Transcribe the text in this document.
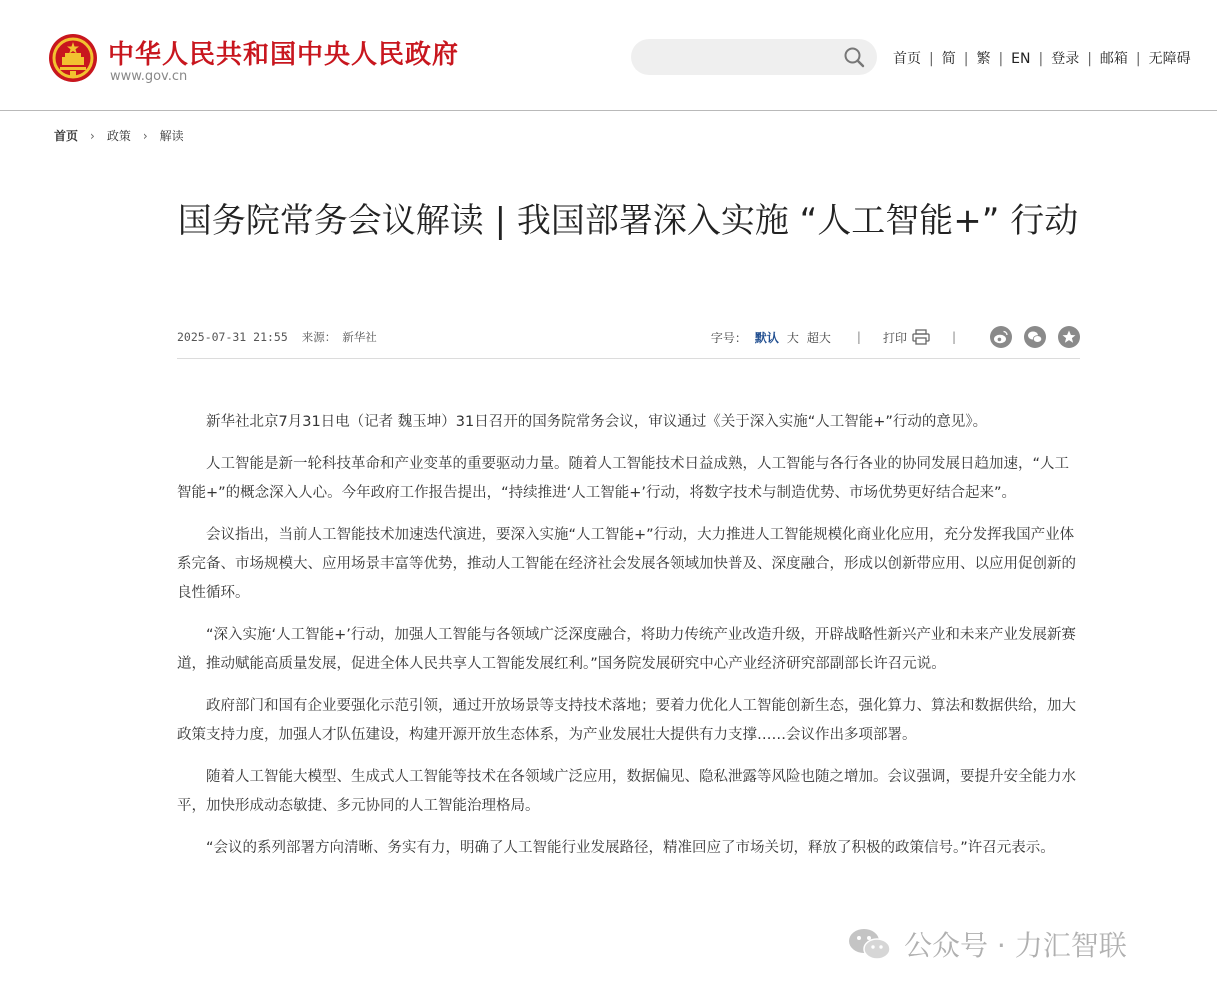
中华人民共和国中央人民政府
www.gov.cn
首页 | 简 | 繁 | EN | 登录 | 邮箱 | 无障碍
首页 › 政策 › 解读
国务院常务会议解读 | 我国部署深入实施 “人工智能+” 行动
2025-07-31 21:55 来源： 新华社	字号： 默认 大 超大 | 打印	|

新华社北京7月31日电（记者 魏玉坤）31日召开的国务院常务会议，审议通过《关于深入实施“人工智能+”行动的意见》。

人工智能是新一轮科技革命和产业变革的重要驱动力量。随着人工智能技术日益成熟，人工智能与各行各业的协同发展日趋加速，“人工智能+”的概念深入人心。今年政府工作报告提出，“持续推进‘人工智能+’行动，将数字技术与制造优势、市场优势更好结合起来”。

会议指出，当前人工智能技术加速迭代演进，要深入实施“人工智能+”行动，大力推进人工智能规模化商业化应用，充分发挥我国产业体系完备、市场规模大、应用场景丰富等优势，推动人工智能在经济社会发展各领域加快普及、深度融合，形成以创新带应用、以应用促创新的良性循环。

“深入实施‘人工智能+’行动，加强人工智能与各领域广泛深度融合，将助力传统产业改造升级，开辟战略性新兴产业和未来产业发展新赛道，推动赋能高质量发展，促进全体人民共享人工智能发展红利。”国务院发展研究中心产业经济研究部副部长许召元说。

政府部门和国有企业要强化示范引领，通过开放场景等支持技术落地；要着力优化人工智能创新生态，强化算力、算法和数据供给，加大政策支持力度，加强人才队伍建设，构建开源开放生态体系，为产业发展壮大提供有力支撑……会议作出多项部署。

随着人工智能大模型、生成式人工智能等技术在各领域广泛应用，数据偏见、隐私泄露等风险也随之增加。会议强调，要提升安全能力水平，加快形成动态敏捷、多元协同的人工智能治理格局。

“会议的系列部署方向清晰、务实有力，明确了人工智能行业发展路径，精准回应了市场关切，释放了积极的政策信号。”许召元表示。

公众号 · 力汇智联
